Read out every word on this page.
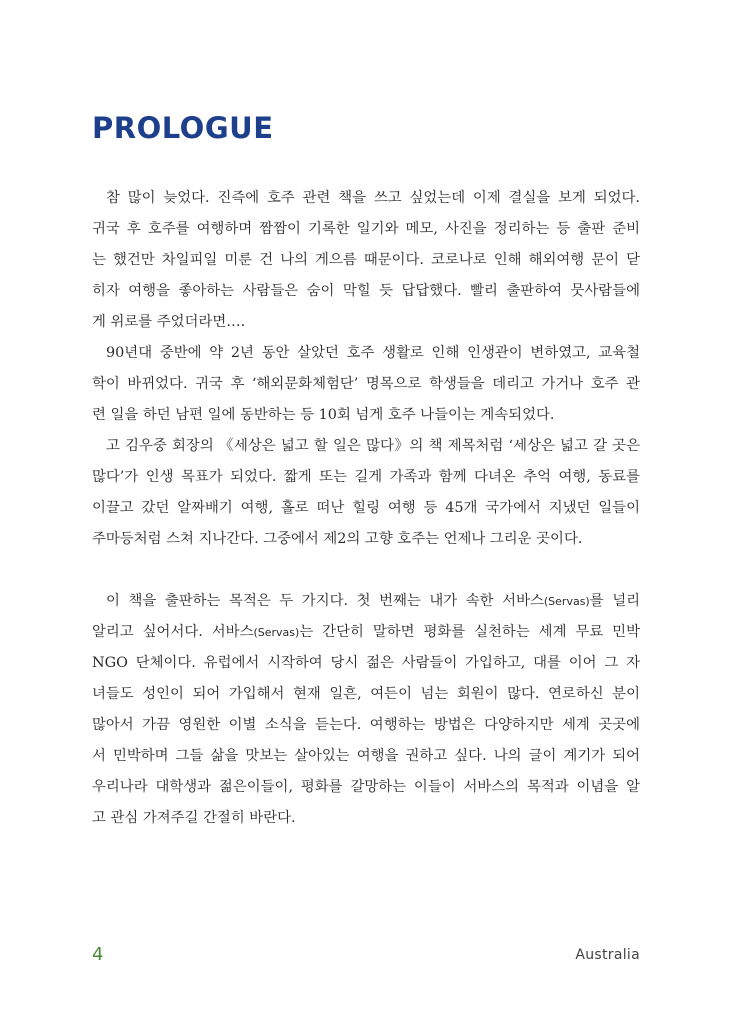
PROLOGUE
참 많이 늦었다. 진즉에 호주 관련 책을 쓰고 싶었는데 이제 결실을 보게 되었다.
귀국 후 호주를 여행하며 짬짬이 기록한 일기와 메모, 사진을 정리하는 등 출판 준비
는 했건만 차일피일 미룬 건 나의 게으름 때문이다. 코로나로 인해 해외여행 문이 닫
히자 여행을 좋아하는 사람들은 숨이 막힐 듯 답답했다. 빨리 출판하여 뭇사람들에
게 위로를 주었더라면….
90년대 중반에 약 2년 동안 살았던 호주 생활로 인해 인생관이 변하였고, 교육철
학이 바뀌었다. 귀국 후 ‘해외문화체험단’ 명목으로 학생들을 데리고 가거나 호주 관
련 일을 하던 남편 일에 동반하는 등 10회 넘게 호주 나들이는 계속되었다.
고 김우중 회장의 《세상은 넓고 할 일은 많다》의 책 제목처럼 ‘세상은 넓고 갈 곳은
많다’가 인생 목표가 되었다. 짧게 또는 길게 가족과 함께 다녀온 추억 여행, 동료를
이끌고 갔던 알짜배기 여행, 홀로 떠난 힐링 여행 등 45개 국가에서 지냈던 일들이
주마등처럼 스쳐 지나간다. 그중에서 제2의 고향 호주는 언제나 그리운 곳이다.
이 책을 출판하는 목적은 두 가지다. 첫 번째는 내가 속한 서바스(Servas)를 널리
알리고 싶어서다. 서바스(Servas)는 간단히 말하면 평화를 실천하는 세계 무료 민박
NGO 단체이다. 유럽에서 시작하여 당시 젊은 사람들이 가입하고, 대를 이어 그 자
녀들도 성인이 되어 가입해서 현재 일흔, 여든이 넘는 회원이 많다. 연로하신 분이
많아서 가끔 영원한 이별 소식을 듣는다. 여행하는 방법은 다양하지만 세계 곳곳에
서 민박하며 그들 삶을 맛보는 살아있는 여행을 권하고 싶다. 나의 글이 계기가 되어
우리나라 대학생과 젊은이들이, 평화를 갈망하는 이들이 서바스의 목적과 이념을 알
고 관심 가져주길 간절히 바란다.
4	Australia
